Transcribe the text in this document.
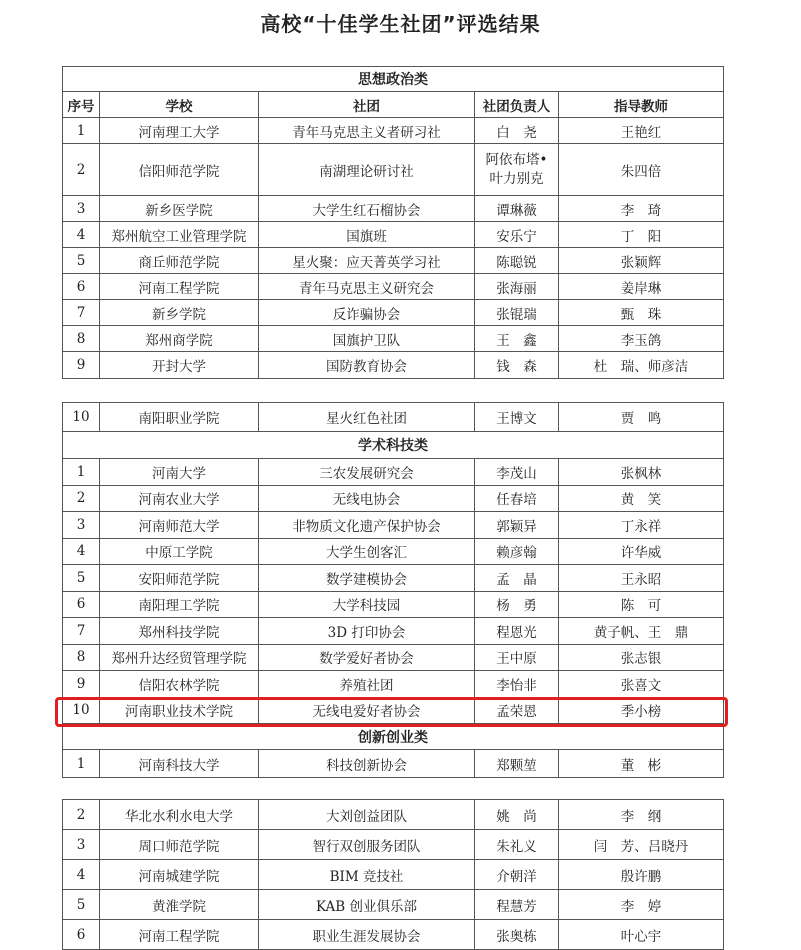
高校“十佳学生社团”评选结果
思想政治类				
序号	学校	社团	社团负责人	指导教师
1	河南理工大学	青年马克思主义者研习社	白　尧	王艳红
2	信阳师范学院	南湖理论研讨社	阿依布塔•
叶力别克	朱四倍
3	新乡医学院	大学生红石榴协会	谭琳薇	李　琦
4	郑州航空工业管理学院	国旗班	安乐宁	丁　阳
5	商丘师范学院	星火聚：应天菁英学习社	陈聪锐	张颖辉
6	河南工程学院	青年马克思主义研究会	张海丽	姜岸琳
7	新乡学院	反诈骗协会	张锟瑞	甄　珠
8	郑州商学院	国旗护卫队	王　鑫	李玉鸽
9	开封大学	国防教育协会	钱　森	杜　瑞、师彦洁
10	南阳职业学院	星火红色社团	王博文	贾　鸣
学术科技类				
1	河南大学	三农发展研究会	李茂山	张枫林
2	河南农业大学	无线电协会	任春培	黄　笑
3	河南师范大学	非物质文化遗产保护协会	郭颖异	丁永祥
4	中原工学院	大学生创客汇	赖彦翰	许华威
5	安阳师范学院	数学建模协会	孟　晶	王永昭
6	南阳理工学院	大学科技园	杨　勇	陈　可
7	郑州科技学院	3D 打印协会	程恩光	黄子帆、王　鼎
8	郑州升达经贸管理学院	数学爱好者协会	王中原	张志银
9	信阳农林学院	养殖社团	李怡非	张喜文
10	河南职业技术学院	无线电爱好者协会	孟荣恩	季小榜
创新创业类				
1	河南科技大学	科技创新协会	郑颗堃	董　彬
2	华北水利水电大学	大刘创益团队	姚　尚	李　纲
3	周口师范学院	智行双创服务团队	朱礼义	闫　芳、吕晓丹
4	河南城建学院	BIM 竞技社	介朝洋	殷许鹏
5	黄淮学院	KAB 创业俱乐部	程慧芳	李　婷
6	河南工程学院	职业生涯发展协会	张奥栋	叶心宇
